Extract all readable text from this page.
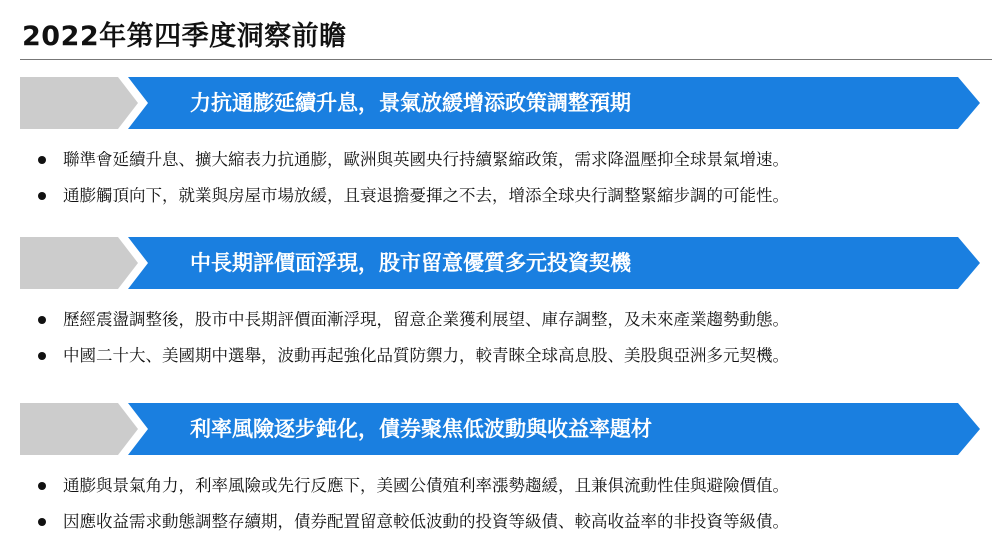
2022年第四季度洞察前瞻
力抗通膨延續升息，景氣放緩增添政策調整預期
聯準會延續升息、擴大縮表力抗通膨，歐洲與英國央行持續緊縮政策，需求降溫壓抑全球景氣增速。
通膨觸頂向下，就業與房屋市場放緩，且衰退擔憂揮之不去，增添全球央行調整緊縮步調的可能性。
中長期評價面浮現，股市留意優質多元投資契機
歷經震盪調整後，股市中長期評價面漸浮現，留意企業獲利展望、庫存調整，及未來產業趨勢動態。
中國二十大、美國期中選舉，波動再起強化品質防禦力，較青睞全球高息股、美股與亞洲多元契機。
利率風險逐步鈍化，債券聚焦低波動與收益率題材
通膨與景氣角力，利率風險或先行反應下，美國公債殖利率漲勢趨緩，且兼俱流動性佳與避險價值。
因應收益需求動態調整存續期，債券配置留意較低波動的投資等級債、較高收益率的非投資等級債。
